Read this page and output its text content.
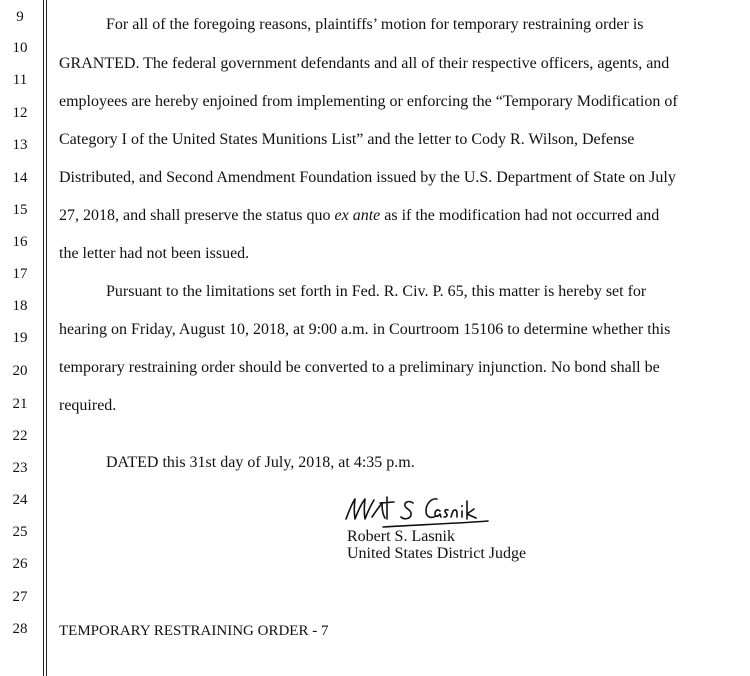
9
10
11
12
13
14
15
16
17
18
19
20
21
22
23
24
25
26
27
28
For all of the foregoing reasons, plaintiffs’ motion for temporary restraining order is
GRANTED. The federal government defendants and all of their respective officers, agents, and
employees are hereby enjoined from implementing or enforcing the “Temporary Modification of
Category I of the United States Munitions List” and the letter to Cody R. Wilson, Defense
Distributed, and Second Amendment Foundation issued by the U.S. Department of State on July
27, 2018, and shall preserve the status quo ex ante as if the modification had not occurred and
the letter had not been issued.
Pursuant to the limitations set forth in Fed. R. Civ. P. 65, this matter is hereby set for
hearing on Friday, August 10, 2018, at 9:00 a.m. in Courtroom 15106 to determine whether this
temporary restraining order should be converted to a preliminary injunction. No bond shall be
required.
DATED this 31st day of July, 2018, at 4:35 p.m.
Robert S. Lasnik
United States District Judge
TEMPORARY RESTRAINING ORDER - 7
